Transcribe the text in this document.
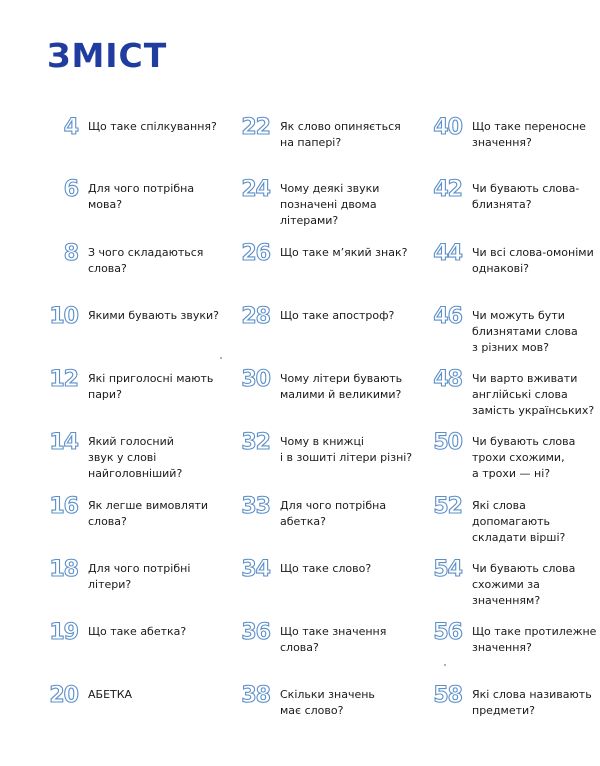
ЗМІСТ
4 Що таке спілкування?
6 Для чого потрібна
мова?
8 З чого складаються
слова?
10 Якими бувають звуки?
12 Які приголосні мають
пари?
14 Який голосний
звук у слові
найголовніший?
16 Як легше вимовляти
слова?
18 Для чого потрібні
літери?
19 Що таке абетка?
20 АБЕТКА
22 Як слово опиняється
на папері?
24 Чому деякі звуки
позначені двома
літерами?
26 Що таке м’який знак?
28 Що таке апостроф?
30 Чому літери бувають
малими й великими?
32 Чому в книжці
і в зошиті літери різні?
33 Для чого потрібна
абетка?
34 Що таке слово?
36 Що таке значення
слова?
38 Скільки значень
має слово?
40 Що таке переносне
значення?
42 Чи бувають слова-
близнята?
44 Чи всі слова-омоніми
однакові?
46 Чи можуть бути
близнятами слова
з різних мов?
48 Чи варто вживати
англійські слова
замість українських?
50 Чи бувають слова
трохи схожими,
а трохи — ні?
52 Які слова
допомагають
складати вірші?
54 Чи бувають слова
схожими за
значенням?
56 Що таке протилежне
значення?
58 Які слова називають
предмети?
